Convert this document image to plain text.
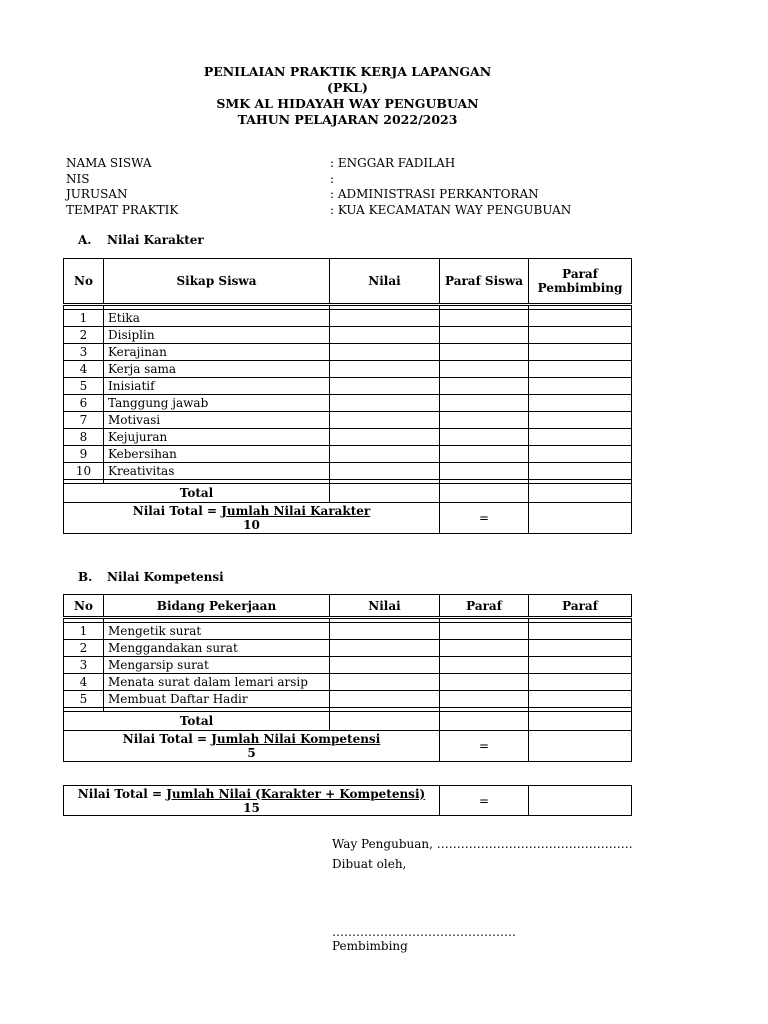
PENILAIAN PRAKTIK KERJA LAPANGAN
(PKL)
SMK AL HIDAYAH WAY PENGUBUAN
TAHUN PELAJARAN 2022/2023
NAMA SISWA	: ENGGAR FADILAH
NIS	:
JURUSAN	: ADMINISTRASI PERKANTORAN
TEMPAT PRAKTIK	: KUA KECAMATAN WAY PENGUBUAN
A. Nilai Karakter
No	Sikap Siswa	Nilai	Paraf Siswa	Paraf
Pembimbing

1	Etika			
2	Disiplin			
3	Kerajinan			
4	Kerja sama			
5	Inisiatif			
6	Tanggung jawab			
7	Motivasi			
8	Kejujuran			
9	Kebersihan			
10	Kreativitas			

Total				
Nilai Total = Jumlah Nilai Karakter
10			=	
B. Nilai Kompetensi
No	Bidang Pekerjaan	Nilai	Paraf	Paraf

1	Mengetik surat			
2	Menggandakan surat			
3	Mengarsip surat			
4	Menata surat dalam lemari arsip			
5	Membuat Daftar Hadir			

Total				
Nilai Total = Jumlah Nilai Kompetensi
5			=	
Nilai Total = Jumlah Nilai (Karakter + Kompetensi)
15	=	
Way Pengubuan, ………………………………………….
Dibuat oleh,
……………………………………….
Pembimbing
